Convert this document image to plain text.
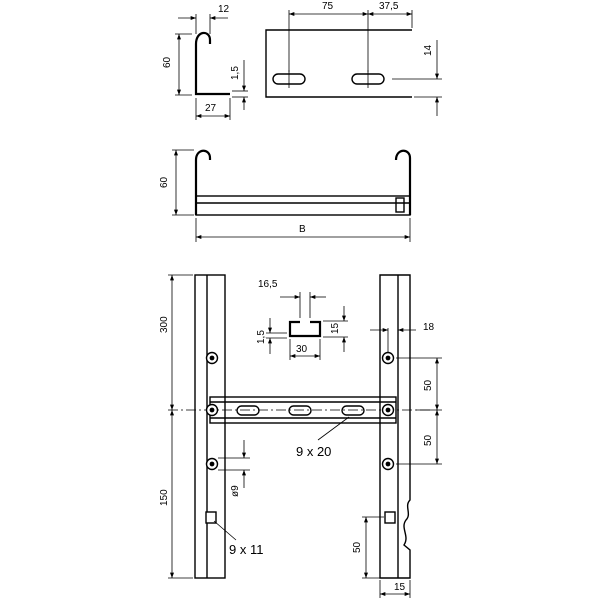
12
60
1,5
27
75	37,5
14
60
B
300
150	ø9
9 x 20
9 x 11
18
50
50
50
15
16,5
1,5
15
30
